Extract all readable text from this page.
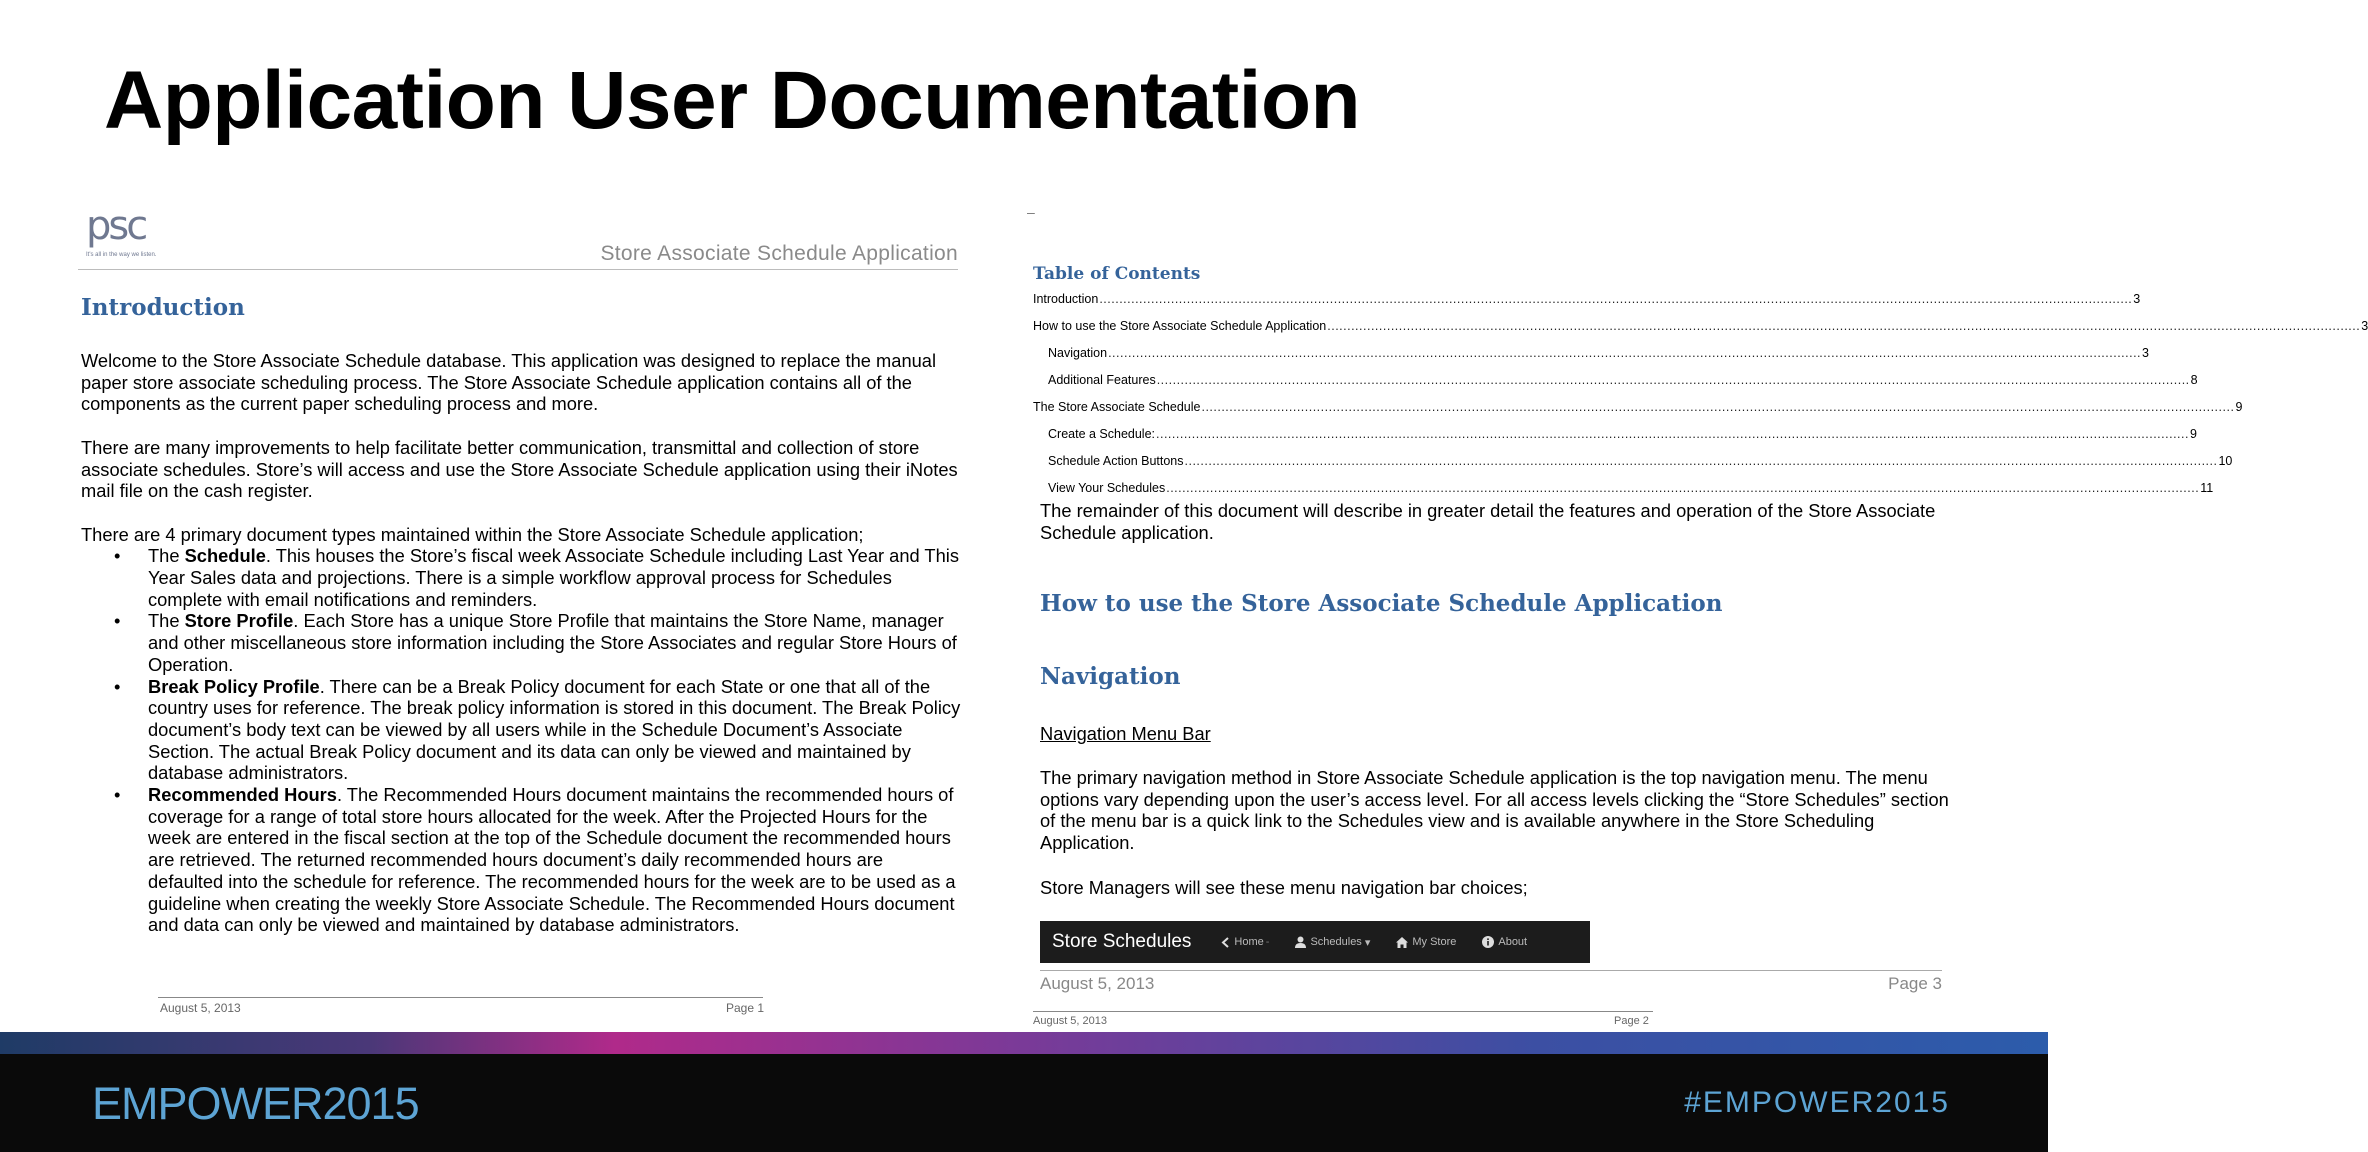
Application User Documentation
psc
It's all in the way we listen.	Store Associate Schedule Application
Introduction

Welcome to the Store Associate Schedule database. This application was designed to replace the manual paper store associate scheduling process. The Store Associate Schedule application contains all of the components as the current paper scheduling process and more.

There are many improvements to help facilitate better communication, transmittal and collection of store associate schedules. Store’s will access and use the Store Associate Schedule application using their iNotes mail file on the cash register.

There are 4 primary document types maintained within the Store Associate Schedule application;

• The Schedule. This houses the Store’s fiscal week Associate Schedule including Last Year and This Year Sales data and projections. There is a simple workflow approval process for Schedules complete with email notifications and reminders.
• The Store Profile. Each Store has a unique Store Profile that maintains the Store Name, manager and other miscellaneous store information including the Store Associates and regular Store Hours of Operation.
• Break Policy Profile. There can be a Break Policy document for each State or one that all of the country uses for reference. The break policy information is stored in this document. The Break Policy document’s body text can be viewed by all users while in the Schedule Document’s Associate Section. The actual Break Policy document and its data can only be viewed and maintained by database administrators.
• Recommended Hours. The Recommended Hours document maintains the recommended hours of coverage for a range of total store hours allocated for the week. After the Projected Hours for the week are entered in the fiscal section at the top of the Schedule document the recommended hours are retrieved. The returned recommended hours document’s daily recommended hours are defaulted into the schedule for reference. The recommended hours for the week are to be used as a guideline when creating the weekly Store Associate Schedule. The Recommended Hours document and data can only be viewed and maintained by database administrators.
August 5, 2013	Page 1
–
Table of Contents
Introduction .................................................................................................................................................................................................................................................................... 3
How to use the Store Associate Schedule Application .................................................................................................................................................................................................................................................................... 3
Navigation .................................................................................................................................................................................................................................................................... 3
Additional Features .................................................................................................................................................................................................................................................................... 8
The Store Associate Schedule .................................................................................................................................................................................................................................................................... 9
Create a Schedule: .................................................................................................................................................................................................................................................................... 9
Schedule Action Buttons .................................................................................................................................................................................................................................................................... 10
View Your Schedules .................................................................................................................................................................................................................................................................... 11

The remainder of this document will describe in greater detail the features and operation of the Store Associate Schedule application.

How to use the Store Associate Schedule Application
Navigation
Navigation Menu Bar

The primary navigation method in Store Associate Schedule application is the top navigation menu. The menu options vary depending upon the user’s access level. For all access levels clicking the “Store Schedules” section of the menu bar is a quick link to the Schedules view and is available anywhere in the Store Scheduling Application.

Store Managers will see these menu navigation bar choices;

Store Schedules	Home -	Schedules ▾	My Store	About
August 5, 2013	Page 3
August 5, 2013	Page 2
EMPOWER2015	#EMPOWER2015
